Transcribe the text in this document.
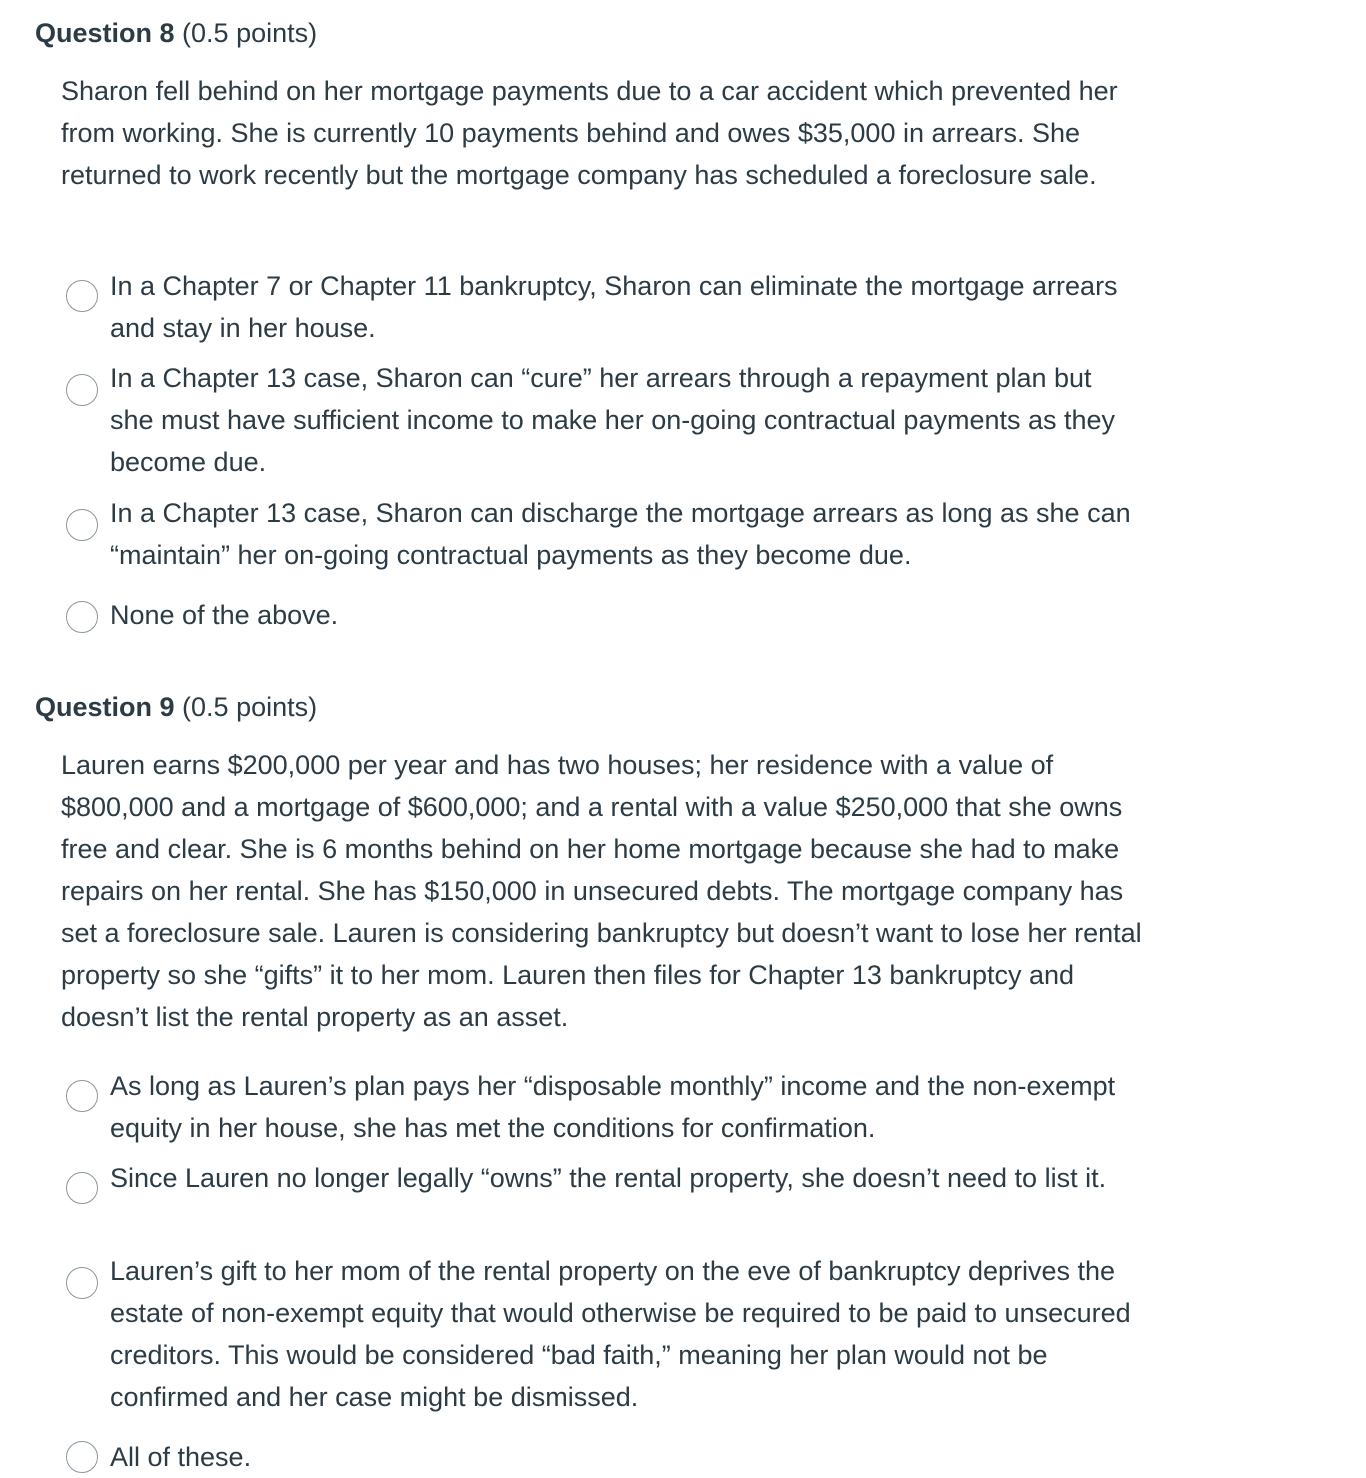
Question 8 (0.5 points)
Sharon fell behind on her mortgage payments due to a car accident which prevented her from working. She is currently 10 payments behind and owes $35,000 in arrears. She returned to work recently but the mortgage company has scheduled a foreclosure sale.
In a Chapter 7 or Chapter 11 bankruptcy, Sharon can eliminate the mortgage arrears and stay in her house.
In a Chapter 13 case, Sharon can “cure” her arrears through a repayment plan but she must have sufficient income to make her on-going contractual payments as they become due.
In a Chapter 13 case, Sharon can discharge the mortgage arrears as long as she can “maintain” her on-going contractual payments as they become due.
None of the above.
Question 9 (0.5 points)
Lauren earns $200,000 per year and has two houses; her residence with a value of $800,000 and a mortgage of $600,000; and a rental with a value $250,000 that she owns free and clear. She is 6 months behind on her home mortgage because she had to make repairs on her rental. She has $150,000 in unsecured debts. The mortgage company has set a foreclosure sale. Lauren is considering bankruptcy but doesn’t want to lose her rental property so she “gifts” it to her mom. Lauren then files for Chapter 13 bankruptcy and doesn’t list the rental property as an asset.
As long as Lauren’s plan pays her “disposable monthly” income and the non-exempt equity in her house, she has met the conditions for confirmation.
Since Lauren no longer legally “owns” the rental property, she doesn’t need to list it.
Lauren’s gift to her mom of the rental property on the eve of bankruptcy deprives the estate of non-exempt equity that would otherwise be required to be paid to unsecured creditors. This would be considered “bad faith,” meaning her plan would not be confirmed and her case might be dismissed.
All of these.
